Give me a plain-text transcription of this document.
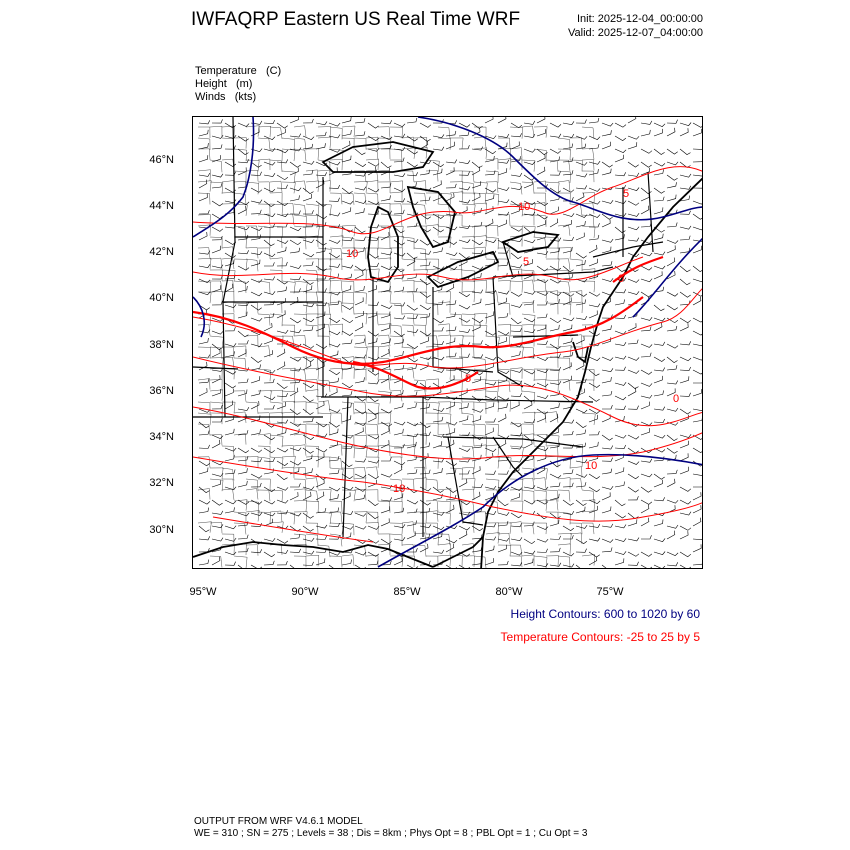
IWFAQRP Eastern US Real Time WRF	Init: 2025-12-04_00:00:00
Valid: 2025-12-07_04:00:00
Temperature (C)
Height (m)
Winds (kts)
10
10
5
10
5
0
10
0
5
46°N
44°N
42°N
40°N
38°N
36°N
34°N
32°N
30°N
95°W	90°W	85°W	80°W	75°W
Height Contours: 600 to 1020 by 60
Temperature Contours: -25 to 25 by 5
OUTPUT FROM WRF V4.6.1 MODEL
WE = 310 ; SN = 275 ; Levels = 38 ; Dis = 8km ; Phys Opt = 8 ; PBL Opt = 1 ; Cu Opt = 3
